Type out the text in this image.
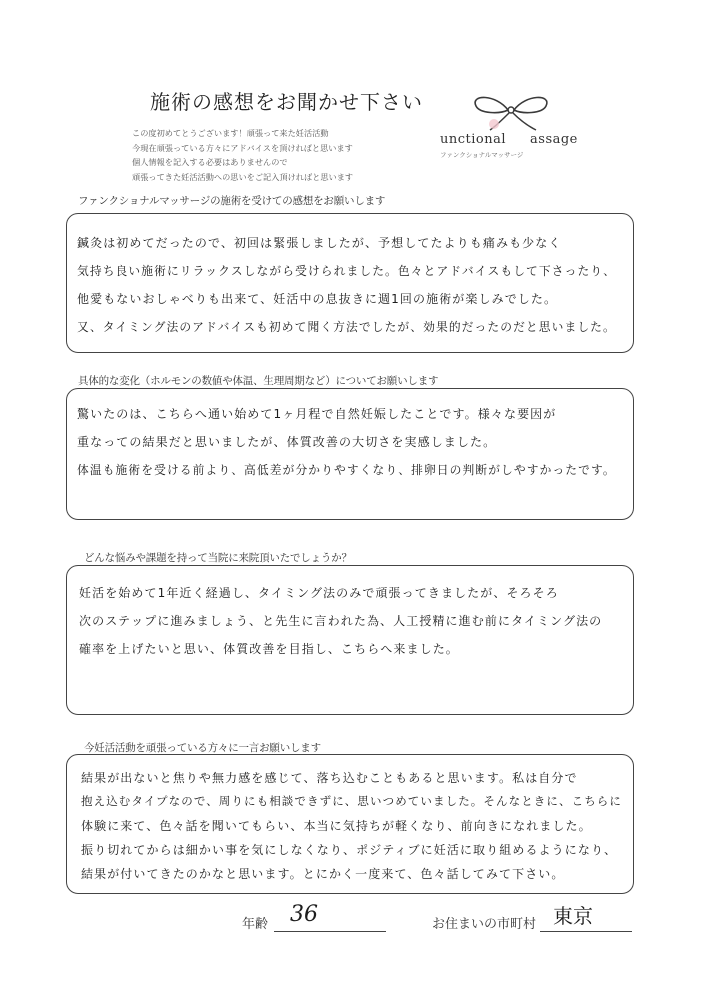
施術の感想をお聞かせ下さい
この度初めてとうございます！頑張って来た妊活活動
今現在頑張っている方々にアドバイスを頂ければと思います
個人情報を記入する必要はありませんので
頑張ってきた妊活活動への思いをご記入頂ければと思います
unctional assage
ファンクショナルマッサージ
ファンクショナルマッサージの施術を受けての感想をお願いします
鍼灸は初めてだったので、初回は緊張しましたが、予想してたよりも痛みも少なく
気持ち良い施術にリラックスしながら受けられました。色々とアドバイスもして下さったり、
他愛もないおしゃべりも出来て、妊活中の息抜きに週1回の施術が楽しみでした。
又、タイミング法のアドバイスも初めて聞く方法でしたが、効果的だったのだと思いました。
具体的な変化（ホルモンの数値や体温、生理周期など）についてお願いします
驚いたのは、こちらへ通い始めて1ヶ月程で自然妊娠したことです。様々な要因が
重なっての結果だと思いましたが、体質改善の大切さを実感しました。
体温も施術を受ける前より、高低差が分かりやすくなり、排卵日の判断がしやすかったです。
どんな悩みや課題を持って当院に来院頂いたでしょうか？
妊活を始めて1年近く経過し、タイミング法のみで頑張ってきましたが、そろそろ
次のステップに進みましょう、と先生に言われた為、人工授精に進む前にタイミング法の
確率を上げたいと思い、体質改善を目指し、こちらへ来ました。
今妊活活動を頑張っている方々に一言お願いします
結果が出ないと焦りや無力感を感じて、落ち込むこともあると思います。私は自分で
抱え込むタイプなので、周りにも相談できずに、思いつめていました。そんなときに、こちらに
体験に来て、色々話を聞いてもらい、本当に気持ちが軽くなり、前向きになれました。
振り切れてからは細かい事を気にしなくなり、ポジティブに妊活に取り組めるようになり、
結果が付いてきたのかなと思います。とにかく一度来て、色々話してみて下さい。
年齢 36	お住まいの市町村 東京
